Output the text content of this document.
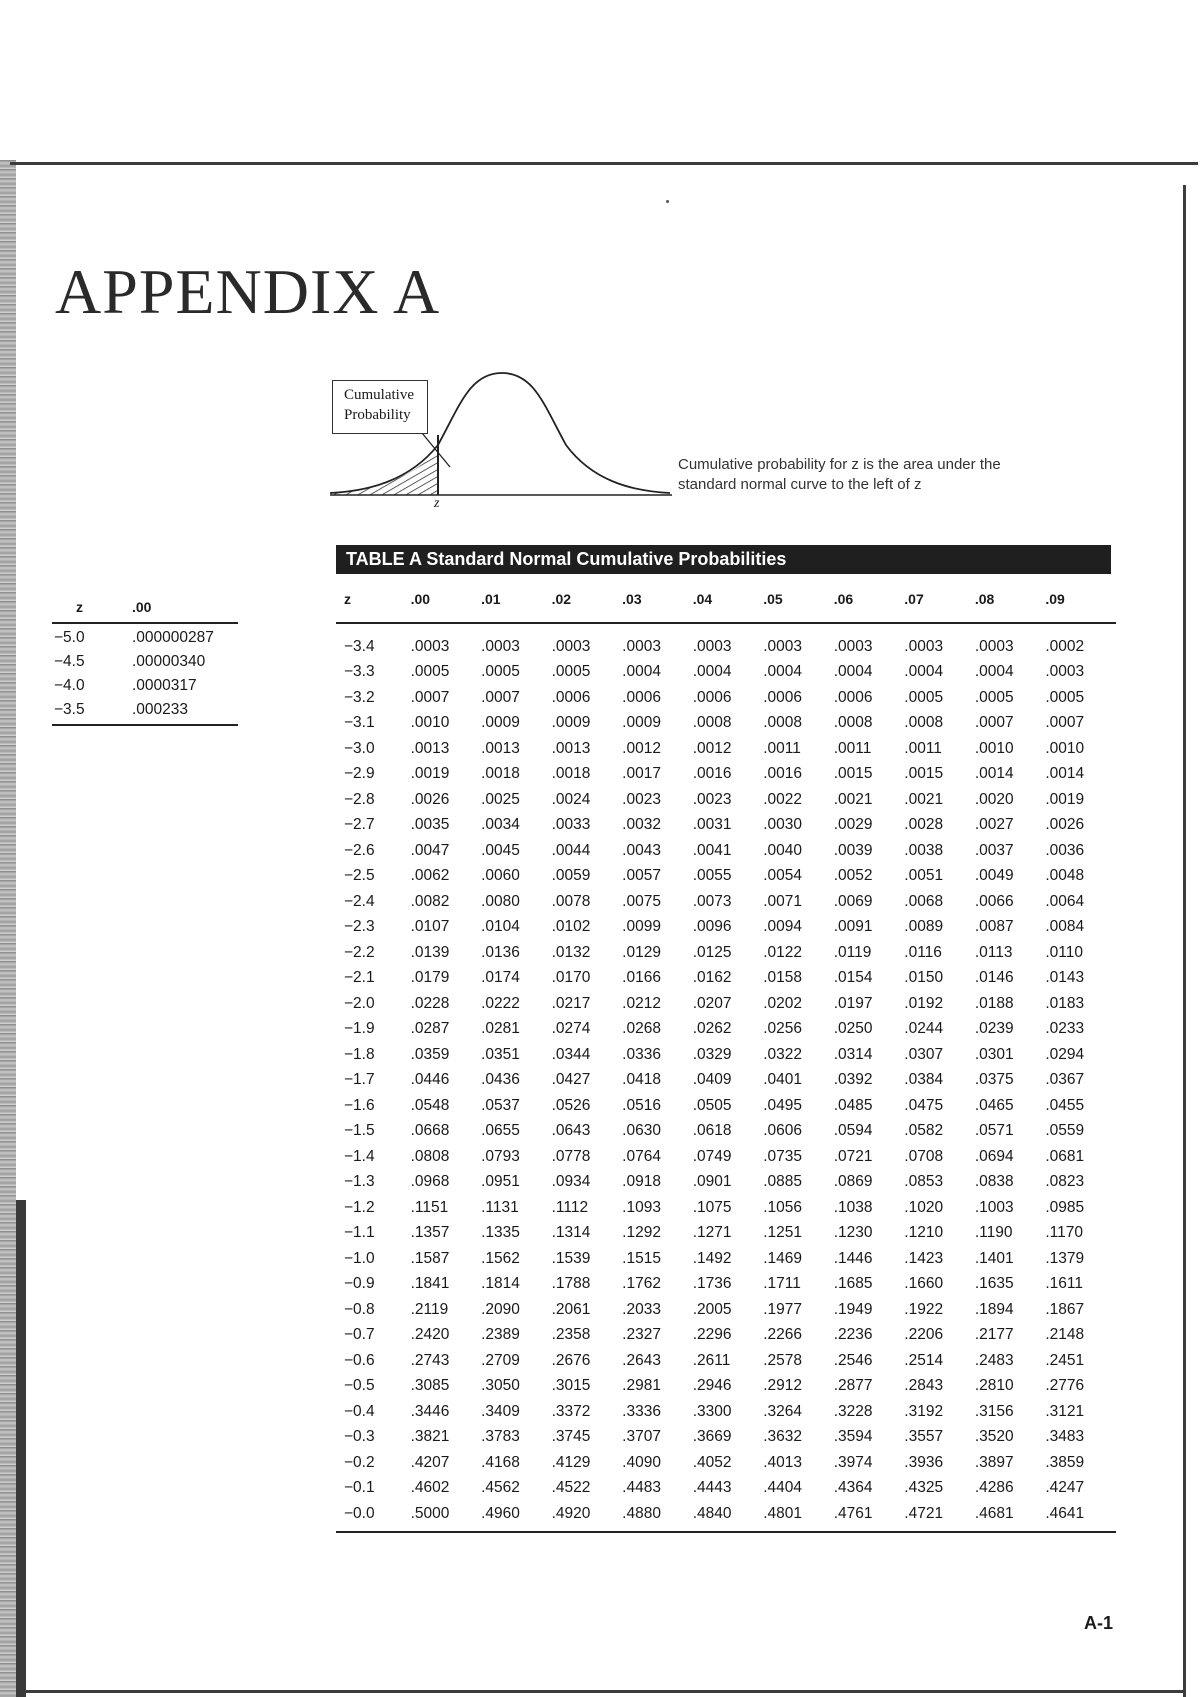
APPENDIX A
Cumulative
Probability
z
Cumulative probability for z is the area under the
standard normal curve to the left of z
TABLE A Standard Normal Cumulative Probabilities
z	.00
−5.0	.000000287
−4.5	.00000340
−4.0	.0000317
−3.5	.000233
z	.00	.01	.02	.03	.04	.05	.06	.07	.08	.09
−3.4	.0003	.0003	.0003	.0003	.0003	.0003	.0003	.0003	.0003	.0002
−3.3	.0005	.0005	.0005	.0004	.0004	.0004	.0004	.0004	.0004	.0003
−3.2	.0007	.0007	.0006	.0006	.0006	.0006	.0006	.0005	.0005	.0005
−3.1	.0010	.0009	.0009	.0009	.0008	.0008	.0008	.0008	.0007	.0007
−3.0	.0013	.0013	.0013	.0012	.0012	.0011	.0011	.0011	.0010	.0010
−2.9	.0019	.0018	.0018	.0017	.0016	.0016	.0015	.0015	.0014	.0014
−2.8	.0026	.0025	.0024	.0023	.0023	.0022	.0021	.0021	.0020	.0019
−2.7	.0035	.0034	.0033	.0032	.0031	.0030	.0029	.0028	.0027	.0026
−2.6	.0047	.0045	.0044	.0043	.0041	.0040	.0039	.0038	.0037	.0036
−2.5	.0062	.0060	.0059	.0057	.0055	.0054	.0052	.0051	.0049	.0048
−2.4	.0082	.0080	.0078	.0075	.0073	.0071	.0069	.0068	.0066	.0064
−2.3	.0107	.0104	.0102	.0099	.0096	.0094	.0091	.0089	.0087	.0084
−2.2	.0139	.0136	.0132	.0129	.0125	.0122	.0119	.0116	.0113	.0110
−2.1	.0179	.0174	.0170	.0166	.0162	.0158	.0154	.0150	.0146	.0143
−2.0	.0228	.0222	.0217	.0212	.0207	.0202	.0197	.0192	.0188	.0183
−1.9	.0287	.0281	.0274	.0268	.0262	.0256	.0250	.0244	.0239	.0233
−1.8	.0359	.0351	.0344	.0336	.0329	.0322	.0314	.0307	.0301	.0294
−1.7	.0446	.0436	.0427	.0418	.0409	.0401	.0392	.0384	.0375	.0367
−1.6	.0548	.0537	.0526	.0516	.0505	.0495	.0485	.0475	.0465	.0455
−1.5	.0668	.0655	.0643	.0630	.0618	.0606	.0594	.0582	.0571	.0559
−1.4	.0808	.0793	.0778	.0764	.0749	.0735	.0721	.0708	.0694	.0681
−1.3	.0968	.0951	.0934	.0918	.0901	.0885	.0869	.0853	.0838	.0823
−1.2	.1151	.1131	.1112	.1093	.1075	.1056	.1038	.1020	.1003	.0985
−1.1	.1357	.1335	.1314	.1292	.1271	.1251	.1230	.1210	.1190	.1170
−1.0	.1587	.1562	.1539	.1515	.1492	.1469	.1446	.1423	.1401	.1379
−0.9	.1841	.1814	.1788	.1762	.1736	.1711	.1685	.1660	.1635	.1611
−0.8	.2119	.2090	.2061	.2033	.2005	.1977	.1949	.1922	.1894	.1867
−0.7	.2420	.2389	.2358	.2327	.2296	.2266	.2236	.2206	.2177	.2148
−0.6	.2743	.2709	.2676	.2643	.2611	.2578	.2546	.2514	.2483	.2451
−0.5	.3085	.3050	.3015	.2981	.2946	.2912	.2877	.2843	.2810	.2776
−0.4	.3446	.3409	.3372	.3336	.3300	.3264	.3228	.3192	.3156	.3121
−0.3	.3821	.3783	.3745	.3707	.3669	.3632	.3594	.3557	.3520	.3483
−0.2	.4207	.4168	.4129	.4090	.4052	.4013	.3974	.3936	.3897	.3859
−0.1	.4602	.4562	.4522	.4483	.4443	.4404	.4364	.4325	.4286	.4247
−0.0	.5000	.4960	.4920	.4880	.4840	.4801	.4761	.4721	.4681	.4641
A-1
